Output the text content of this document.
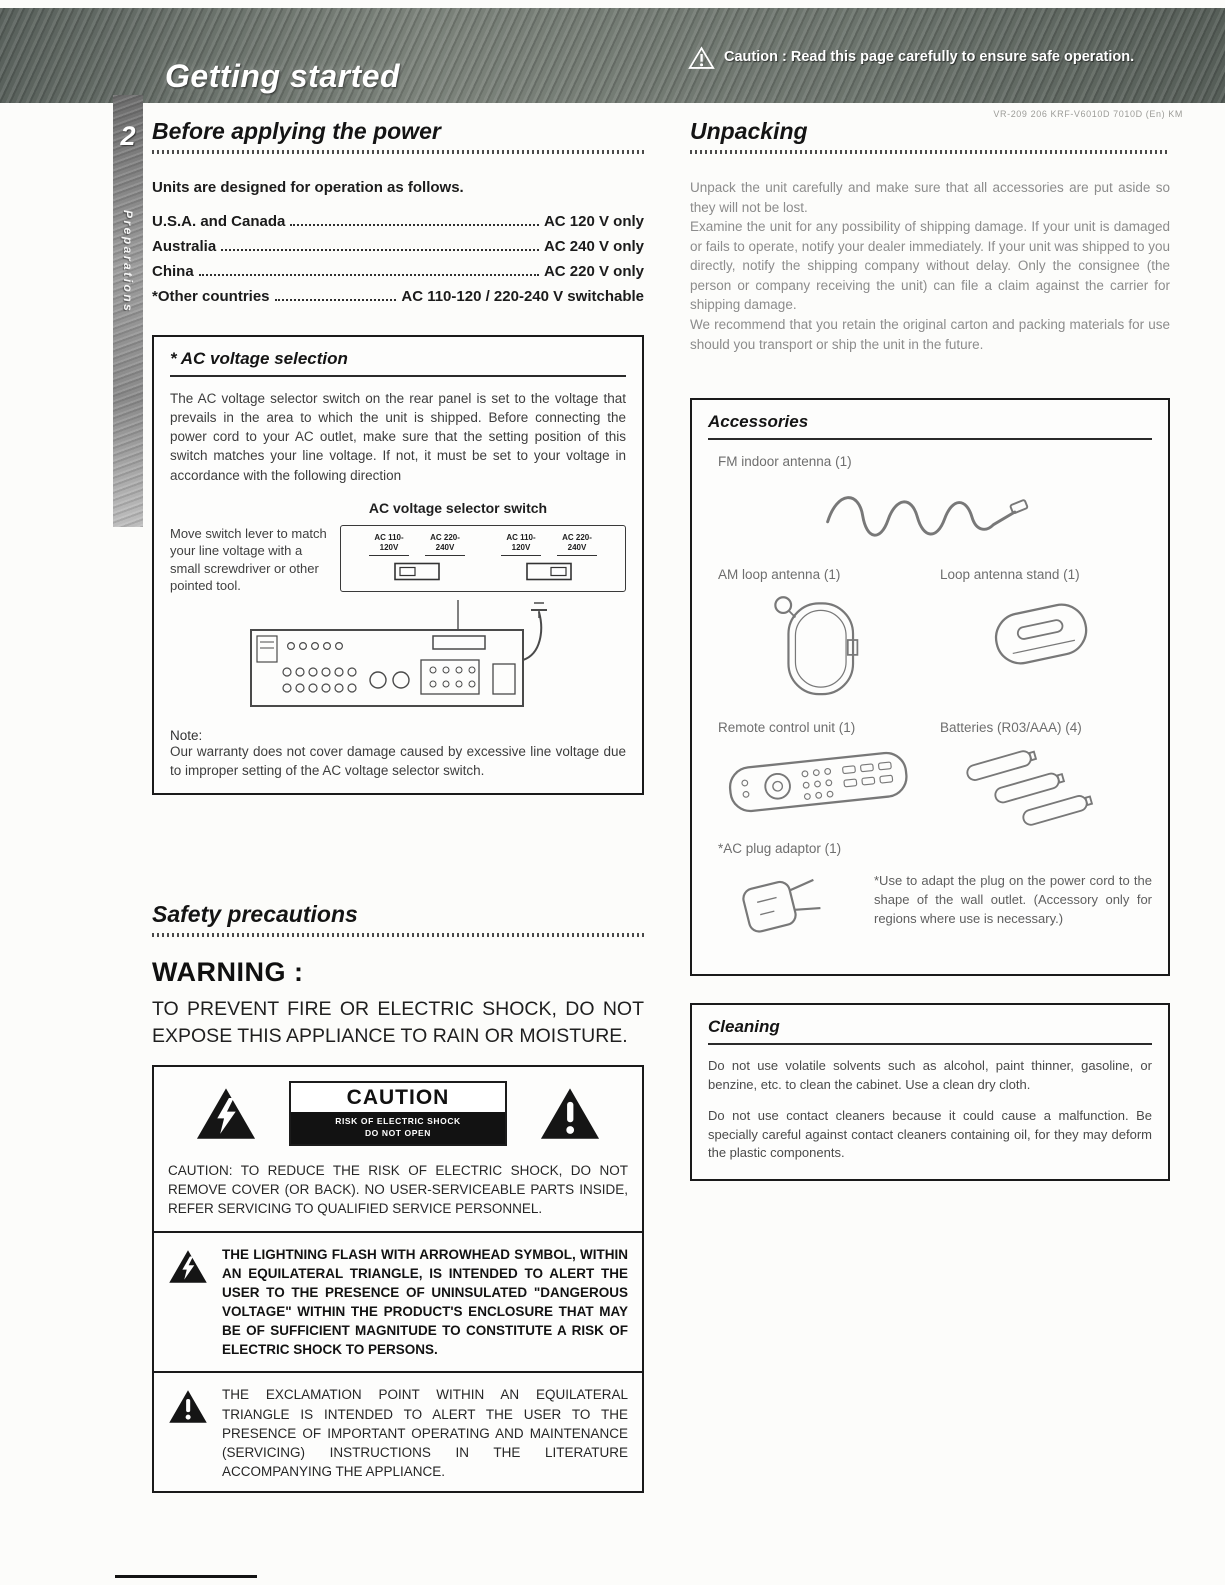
Getting started
Caution : Read this page carefully to ensure safe operation.
VR-209 206 KRF-V6010D 7010D (En) KM
2
Preparations
Before applying the power
Units are designed for operation as follows.
U.S.A. and Canada	AC 120 V only
Australia	AC 240 V only
China	AC 220 V only
*Other countries	AC 110-120 / 220-240 V switchable
* AC voltage selection
The AC voltage selector switch on the rear panel is set to the voltage that prevails in the area to which the unit is shipped. Before connecting the power cord to your AC outlet, make sure that the setting position of this switch matches your line voltage. If not, it must be set to your voltage in accordance with the following direction
AC voltage selector switch
Move switch lever to match your line voltage with a small screwdriver or other pointed tool.
AC 110-
120V
AC 220-
240V
AC 110-
120V
AC 220-
240V
Note:
Our warranty does not cover damage caused by excessive line voltage due to improper setting of the AC voltage selector switch.
Safety precautions
WARNING :
TO PREVENT FIRE OR ELECTRIC SHOCK, DO NOT EXPOSE THIS APPLIANCE TO RAIN OR MOISTURE.
CAUTION
RISK OF ELECTRIC SHOCK
DO NOT OPEN
CAUTION: TO REDUCE THE RISK OF ELECTRIC SHOCK, DO NOT REMOVE COVER (OR BACK). NO USER-SERVICEABLE PARTS INSIDE, REFER SERVICING TO QUALIFIED SERVICE PERSONNEL.
THE LIGHTNING FLASH WITH ARROWHEAD SYMBOL, WITHIN AN EQUILATERAL TRIANGLE, IS INTENDED TO ALERT THE USER TO THE PRESENCE OF UNINSULATED "DANGEROUS VOLTAGE" WITHIN THE PRODUCT'S ENCLOSURE THAT MAY BE OF SUFFICIENT MAGNITUDE TO CONSTITUTE A RISK OF ELECTRIC SHOCK TO PERSONS.
THE EXCLAMATION POINT WITHIN AN EQUILATERAL TRIANGLE IS INTENDED TO ALERT THE USER TO THE PRESENCE OF IMPORTANT OPERATING AND MAINTENANCE (SERVICING) INSTRUCTIONS IN THE LITERATURE ACCOMPANYING THE APPLIANCE.
Unpacking

Unpack the unit carefully and make sure that all accessories are put aside so they will not be lost.

Examine the unit for any possibility of shipping damage. If your unit is damaged or fails to operate, notify your dealer immediately. If your unit was shipped to you directly, notify the shipping company without delay. Only the consignee (the person or company receiving the unit) can file a claim against the carrier for shipping damage.

We recommend that you retain the original carton and packing materials for use should you transport or ship the unit in the future.

Accessories
FM indoor antenna (1)
AM loop antenna (1)	Loop antenna stand (1)
Remote control unit (1)	Batteries (R03/AAA) (4)
*AC plug adaptor (1)
*Use to adapt the plug on the power cord to the shape of the wall outlet. (Accessory only for regions where use is necessary.)
Cleaning

Do not use volatile solvents such as alcohol, paint thinner, gasoline, or benzine, etc. to clean the cabinet. Use a clean dry cloth.

Do not use contact cleaners because it could cause a malfunction. Be specially careful against contact cleaners containing oil, for they may deform the plastic components.
